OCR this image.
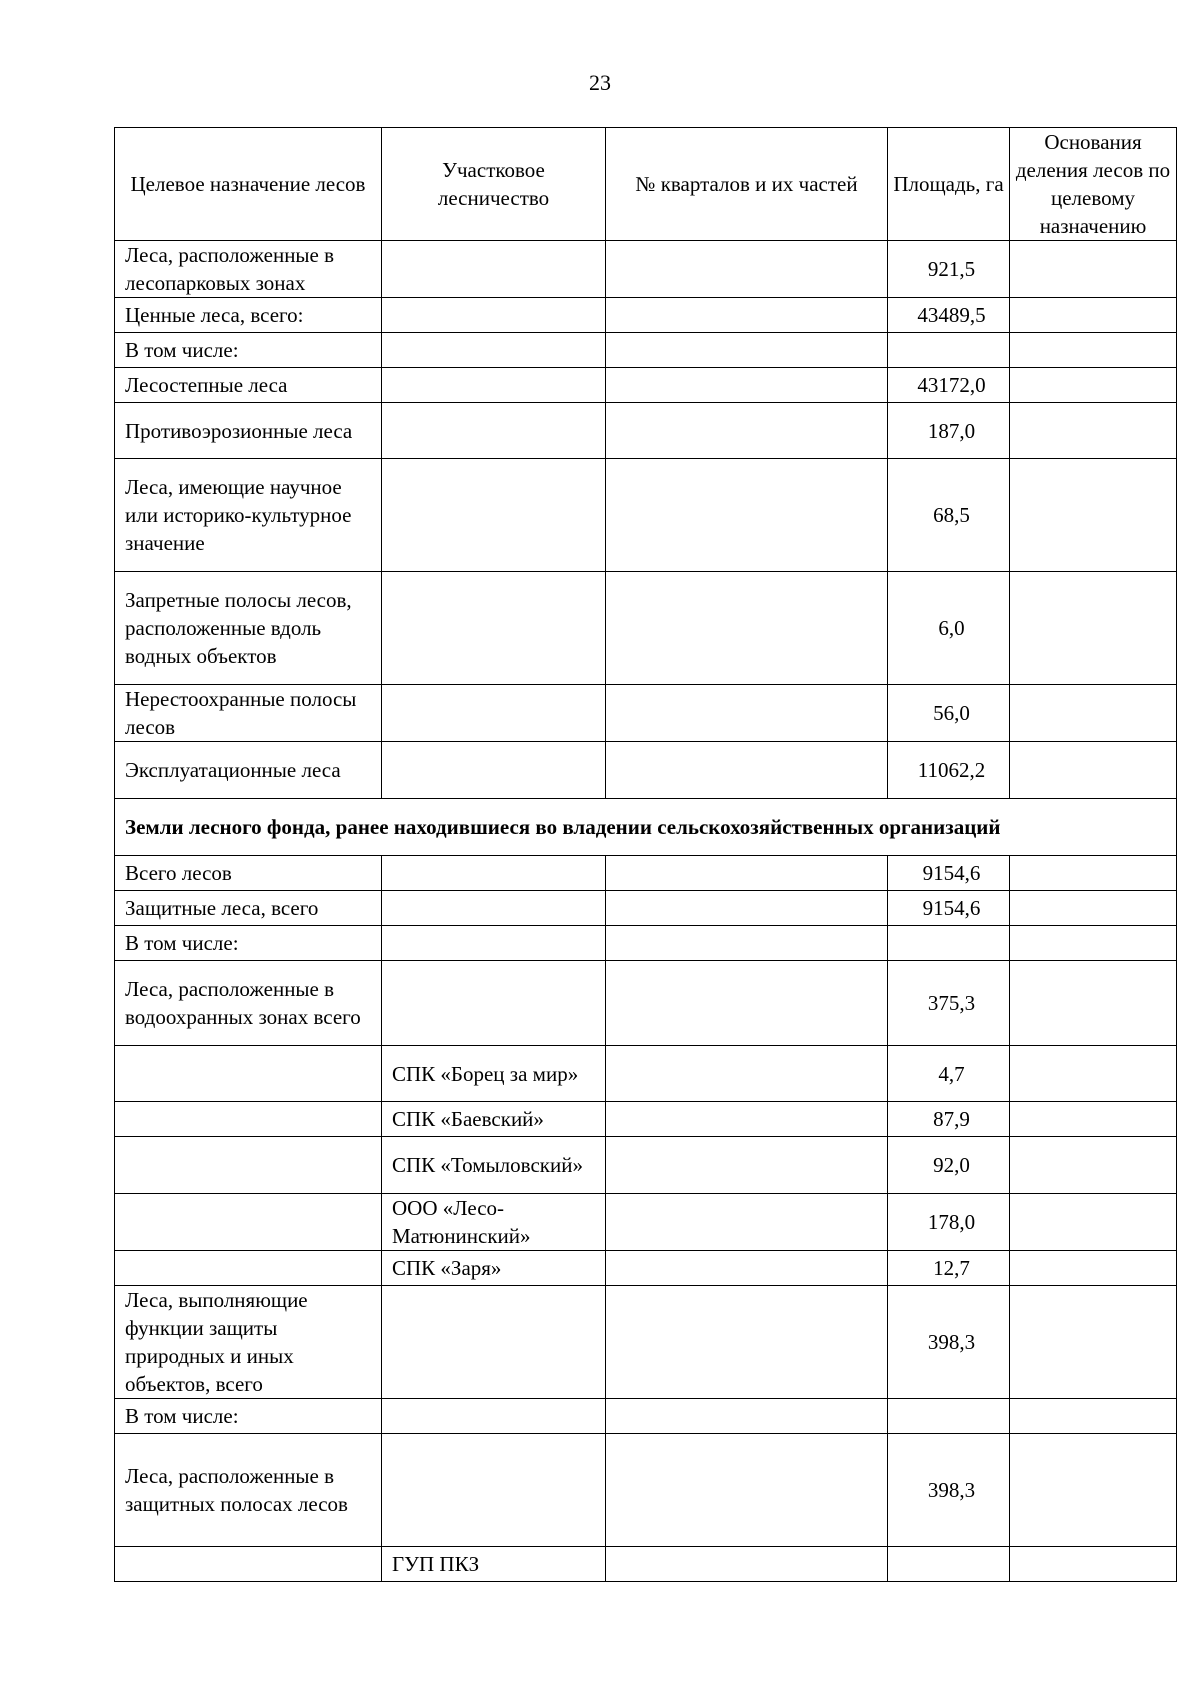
23
Целевое назначение лесов	Участковое лесничество	№ кварталов и их частей	Площадь, га	Основания деления лесов по целевому назначению
Леса, расположенные в лесопарковых зонах			921,5	
Ценные леса, всего:			43489,5	
В том числе:				
Лесостепные леса			43172,0	
Противоэрозионные леса			187,0	
Леса, имеющие научное или историко-культурное значение			68,5	
Запретные полосы лесов, расположенные вдоль водных объектов			6,0	
Нерестоохранные полосы лесов			56,0	
Эксплуатационные леса			11062,2	
Земли лесного фонда, ранее находившиеся во владении сельскохозяйственных организаций				
Всего лесов			9154,6	
Защитные леса, всего			9154,6	
В том числе:				
Леса, расположенные в водоохранных зонах всего			375,3	
	СПК «Борец за мир»		4,7	
	СПК «Баевский»		87,9	
	СПК «Томыловский»		92,0	
	ООО «Лесо-Матюнинский»		178,0	
	СПК «Заря»		12,7	
Леса, выполняющие функции защиты природных и иных объектов, всего			398,3	
В том числе:				
Леса, расположенные в защитных полосах лесов			398,3	
	ГУП ПКЗ			
